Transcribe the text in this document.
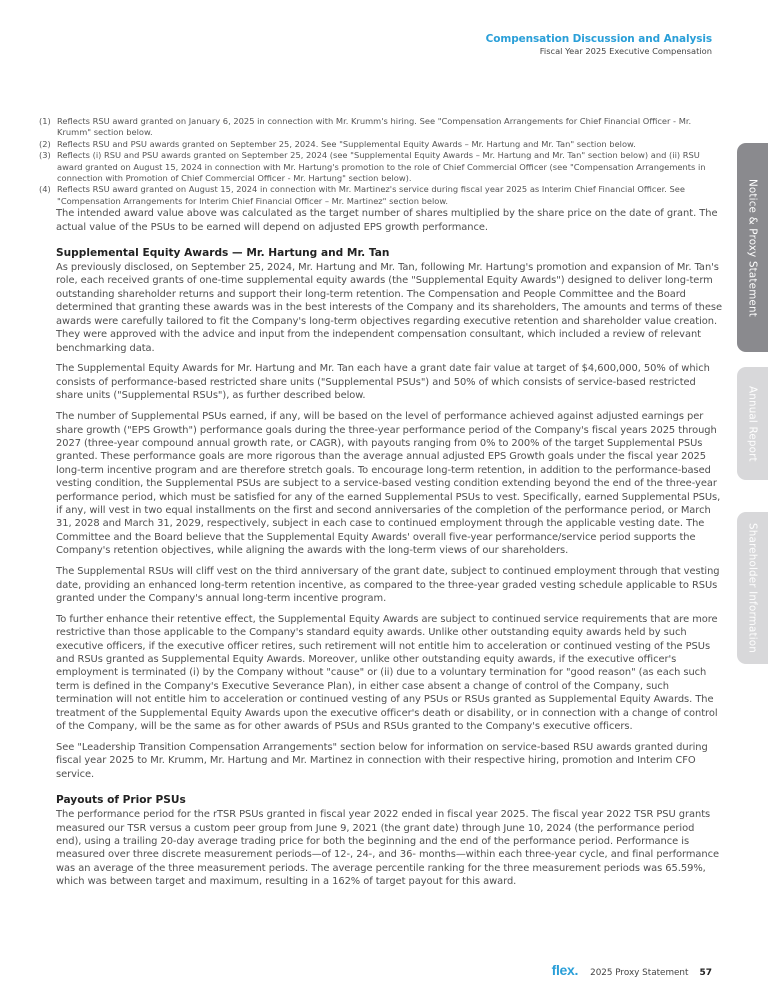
Compensation Discussion and Analysis
Fiscal Year 2025 Executive Compensation
Notice & Proxy Statement
Annual Report
Shareholder Information
(1) Reflects RSU award granted on January 6, 2025 in connection with Mr. Krumm's hiring. See "Compensation Arrangements for Chief Financial Officer - Mr. Krumm" section below.
(2) Reflects RSU and PSU awards granted on September 25, 2024. See "Supplemental Equity Awards – Mr. Hartung and Mr. Tan" section below.
(3) Reflects (i) RSU and PSU awards granted on September 25, 2024 (see "Supplemental Equity Awards – Mr. Hartung and Mr. Tan" section below) and (ii) RSU award granted on August 15, 2024 in connection with Mr. Hartung's promotion to the role of Chief Commercial Officer (see "Compensation Arrangements in connection with Promotion of Chief Commercial Officer - Mr. Hartung" section below).
(4) Reflects RSU award granted on August 15, 2024 in connection with Mr. Martinez's service during fiscal year 2025 as Interim Chief Financial Officer. See "Compensation Arrangements for Interim Chief Financial Officer – Mr. Martinez" section below.

The intended award value above was calculated as the target number of shares multiplied by the share price on the date of grant. The actual value of the PSUs to be earned will depend on adjusted EPS growth performance.

Supplemental Equity Awards — Mr. Hartung and Mr. Tan

As previously disclosed, on September 25, 2024, Mr. Hartung and Mr. Tan, following Mr. Hartung's promotion and expansion of Mr. Tan's role, each received grants of one-time supplemental equity awards (the "Supplemental Equity Awards") designed to deliver long-term outstanding shareholder returns and support their long-term retention. The Compensation and People Committee and the Board determined that granting these awards was in the best interests of the Company and its shareholders, The amounts and terms of these awards were carefully tailored to fit the Company's long-term objectives regarding executive retention and shareholder value creation. They were approved with the advice and input from the independent compensation consultant, which included a review of relevant benchmarking data.

The Supplemental Equity Awards for Mr. Hartung and Mr. Tan each have a grant date fair value at target of $4,600,000, 50% of which consists of performance-based restricted share units ("Supplemental PSUs") and 50% of which consists of service-based restricted share units ("Supplemental RSUs"), as further described below.

The number of Supplemental PSUs earned, if any, will be based on the level of performance achieved against adjusted earnings per share growth ("EPS Growth") performance goals during the three-year performance period of the Company's fiscal years 2025 through 2027 (three-year compound annual growth rate, or CAGR), with payouts ranging from 0% to 200% of the target Supplemental PSUs granted. These performance goals are more rigorous than the average annual adjusted EPS Growth goals under the fiscal year 2025 long-term incentive program and are therefore stretch goals. To encourage long-term retention, in addition to the performance-based vesting condition, the Supplemental PSUs are subject to a service-based vesting condition extending beyond the end of the three-year performance period, which must be satisfied for any of the earned Supplemental PSUs to vest. Specifically, earned Supplemental PSUs, if any, will vest in two equal installments on the first and second anniversaries of the completion of the performance period, or March 31, 2028 and March 31, 2029, respectively, subject in each case to continued employment through the applicable vesting date. The Committee and the Board believe that the Supplemental Equity Awards' overall five-year performance/service period supports the Company's retention objectives, while aligning the awards with the long-term views of our shareholders.

The Supplemental RSUs will cliff vest on the third anniversary of the grant date, subject to continued employment through that vesting date, providing an enhanced long-term retention incentive, as compared to the three-year graded vesting schedule applicable to RSUs granted under the Company's annual long-term incentive program.

To further enhance their retentive effect, the Supplemental Equity Awards are subject to continued service requirements that are more restrictive than those applicable to the Company's standard equity awards. Unlike other outstanding equity awards held by such executive officers, if the executive officer retires, such retirement will not entitle him to acceleration or continued vesting of the PSUs and RSUs granted as Supplemental Equity Awards. Moreover, unlike other outstanding equity awards, if the executive officer's employment is terminated (i) by the Company without "cause" or (ii) due to a voluntary termination for "good reason" (as each such term is defined in the Company's Executive Severance Plan), in either case absent a change of control of the Company, such termination will not entitle him to acceleration or continued vesting of any PSUs or RSUs granted as Supplemental Equity Awards. The treatment of the Supplemental Equity Awards upon the executive officer's death or disability, or in connection with a change of control of the Company, will be the same as for other awards of PSUs and RSUs granted to the Company's executive officers.

See "Leadership Transition Compensation Arrangements" section below for information on service-based RSU awards granted during fiscal year 2025 to Mr. Krumm, Mr. Hartung and Mr. Martinez in connection with their respective hiring, promotion and Interim CFO service.

Payouts of Prior PSUs

The performance period for the rTSR PSUs granted in fiscal year 2022 ended in fiscal year 2025. The fiscal year 2022 TSR PSU grants measured our TSR versus a custom peer group from June 9, 2021 (the grant date) through June 10, 2024 (the performance period end), using a trailing 20-day average trading price for both the beginning and the end of the performance period. Performance is measured over three discrete measurement periods—of 12-, 24-, and 36- months—within each three-year cycle, and final performance was an average of the three measurement periods. The average percentile ranking for the three measurement periods was 65.59%, which was between target and maximum, resulting in a 162% of target payout for this award.

flex. 2025 Proxy Statement 57
